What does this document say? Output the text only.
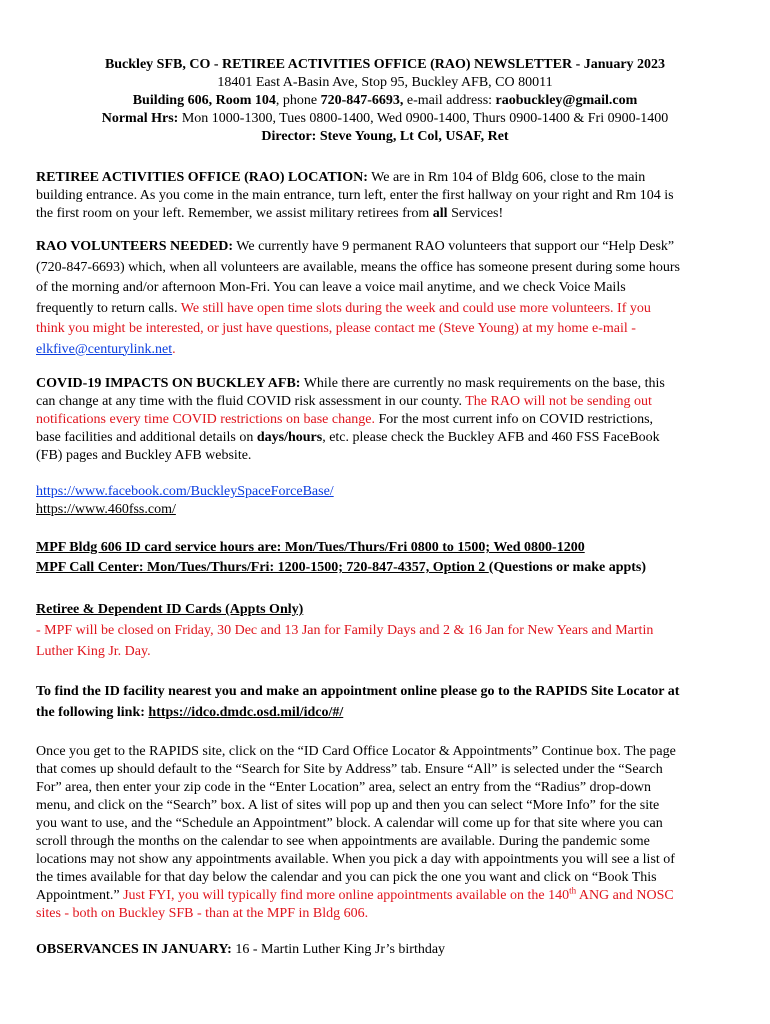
Buckley SFB, CO - RETIREE ACTIVITIES OFFICE (RAO) NEWSLETTER - January 2023
18401 East A-Basin Ave, Stop 95, Buckley AFB, CO 80011
Building 606, Room 104, phone 720-847-6693, e-mail address: raobuckley@gmail.com
Normal Hrs: Mon 1000-1300, Tues 0800-1400, Wed 0900-1400, Thurs 0900-1400 & Fri 0900-1400
Director: Steve Young, Lt Col, USAF, Ret
RETIREE ACTIVITIES OFFICE (RAO) LOCATION: We are in Rm 104 of Bldg 606, close to the main
building entrance. As you come in the main entrance, turn left, enter the first hallway on your right and Rm 104 is
the first room on your left. Remember, we assist military retirees from all Services!
RAO VOLUNTEERS NEEDED: We currently have 9 permanent RAO volunteers that support our “Help Desk”
(720-847-6693) which, when all volunteers are available, means the office has someone present during some hours
of the morning and/or afternoon Mon-Fri. You can leave a voice mail anytime, and we check Voice Mails
frequently to return calls. We still have open time slots during the week and could use more volunteers. If you
think you might be interested, or just have questions, please contact me (Steve Young) at my home e-mail -
elkfive@centurylink.net.
COVID-19 IMPACTS ON BUCKLEY AFB: While there are currently no mask requirements on the base, this
can change at any time with the fluid COVID risk assessment in our county. The RAO will not be sending out
notifications every time COVID restrictions on base change. For the most current info on COVID restrictions,
base facilities and additional details on days/hours, etc. please check the Buckley AFB and 460 FSS FaceBook
(FB) pages and Buckley AFB website.
https://www.facebook.com/BuckleySpaceForceBase/
https://www.460fss.com/
MPF Bldg 606 ID card service hours are: Mon/Tues/Thurs/Fri 0800 to 1500; Wed 0800-1200
MPF Call Center: Mon/Tues/Thurs/Fri: 1200-1500; 720-847-4357, Option 2 (Questions or make appts)
Retiree & Dependent ID Cards (Appts Only)
- MPF will be closed on Friday, 30 Dec and 13 Jan for Family Days and 2 & 16 Jan for New Years and Martin
Luther King Jr. Day.
To find the ID facility nearest you and make an appointment online please go to the RAPIDS Site Locator at
the following link: https://idco.dmdc.osd.mil/idco/#/
Once you get to the RAPIDS site, click on the “ID Card Office Locator & Appointments” Continue box. The page
that comes up should default to the “Search for Site by Address” tab. Ensure “All” is selected under the “Search
For” area, then enter your zip code in the “Enter Location” area, select an entry from the “Radius” drop-down
menu, and click on the “Search” box. A list of sites will pop up and then you can select “More Info” for the site
you want to use, and the “Schedule an Appointment” block. A calendar will come up for that site where you can
scroll through the months on the calendar to see when appointments are available. During the pandemic some
locations may not show any appointments available. When you pick a day with appointments you will see a list of
the times available for that day below the calendar and you can pick the one you want and click on “Book This
Appointment.” Just FYI, you will typically find more online appointments available on the 140th ANG and NOSC
sites - both on Buckley SFB - than at the MPF in Bldg 606.
OBSERVANCES IN JANUARY: 16 - Martin Luther King Jr’s birthday
